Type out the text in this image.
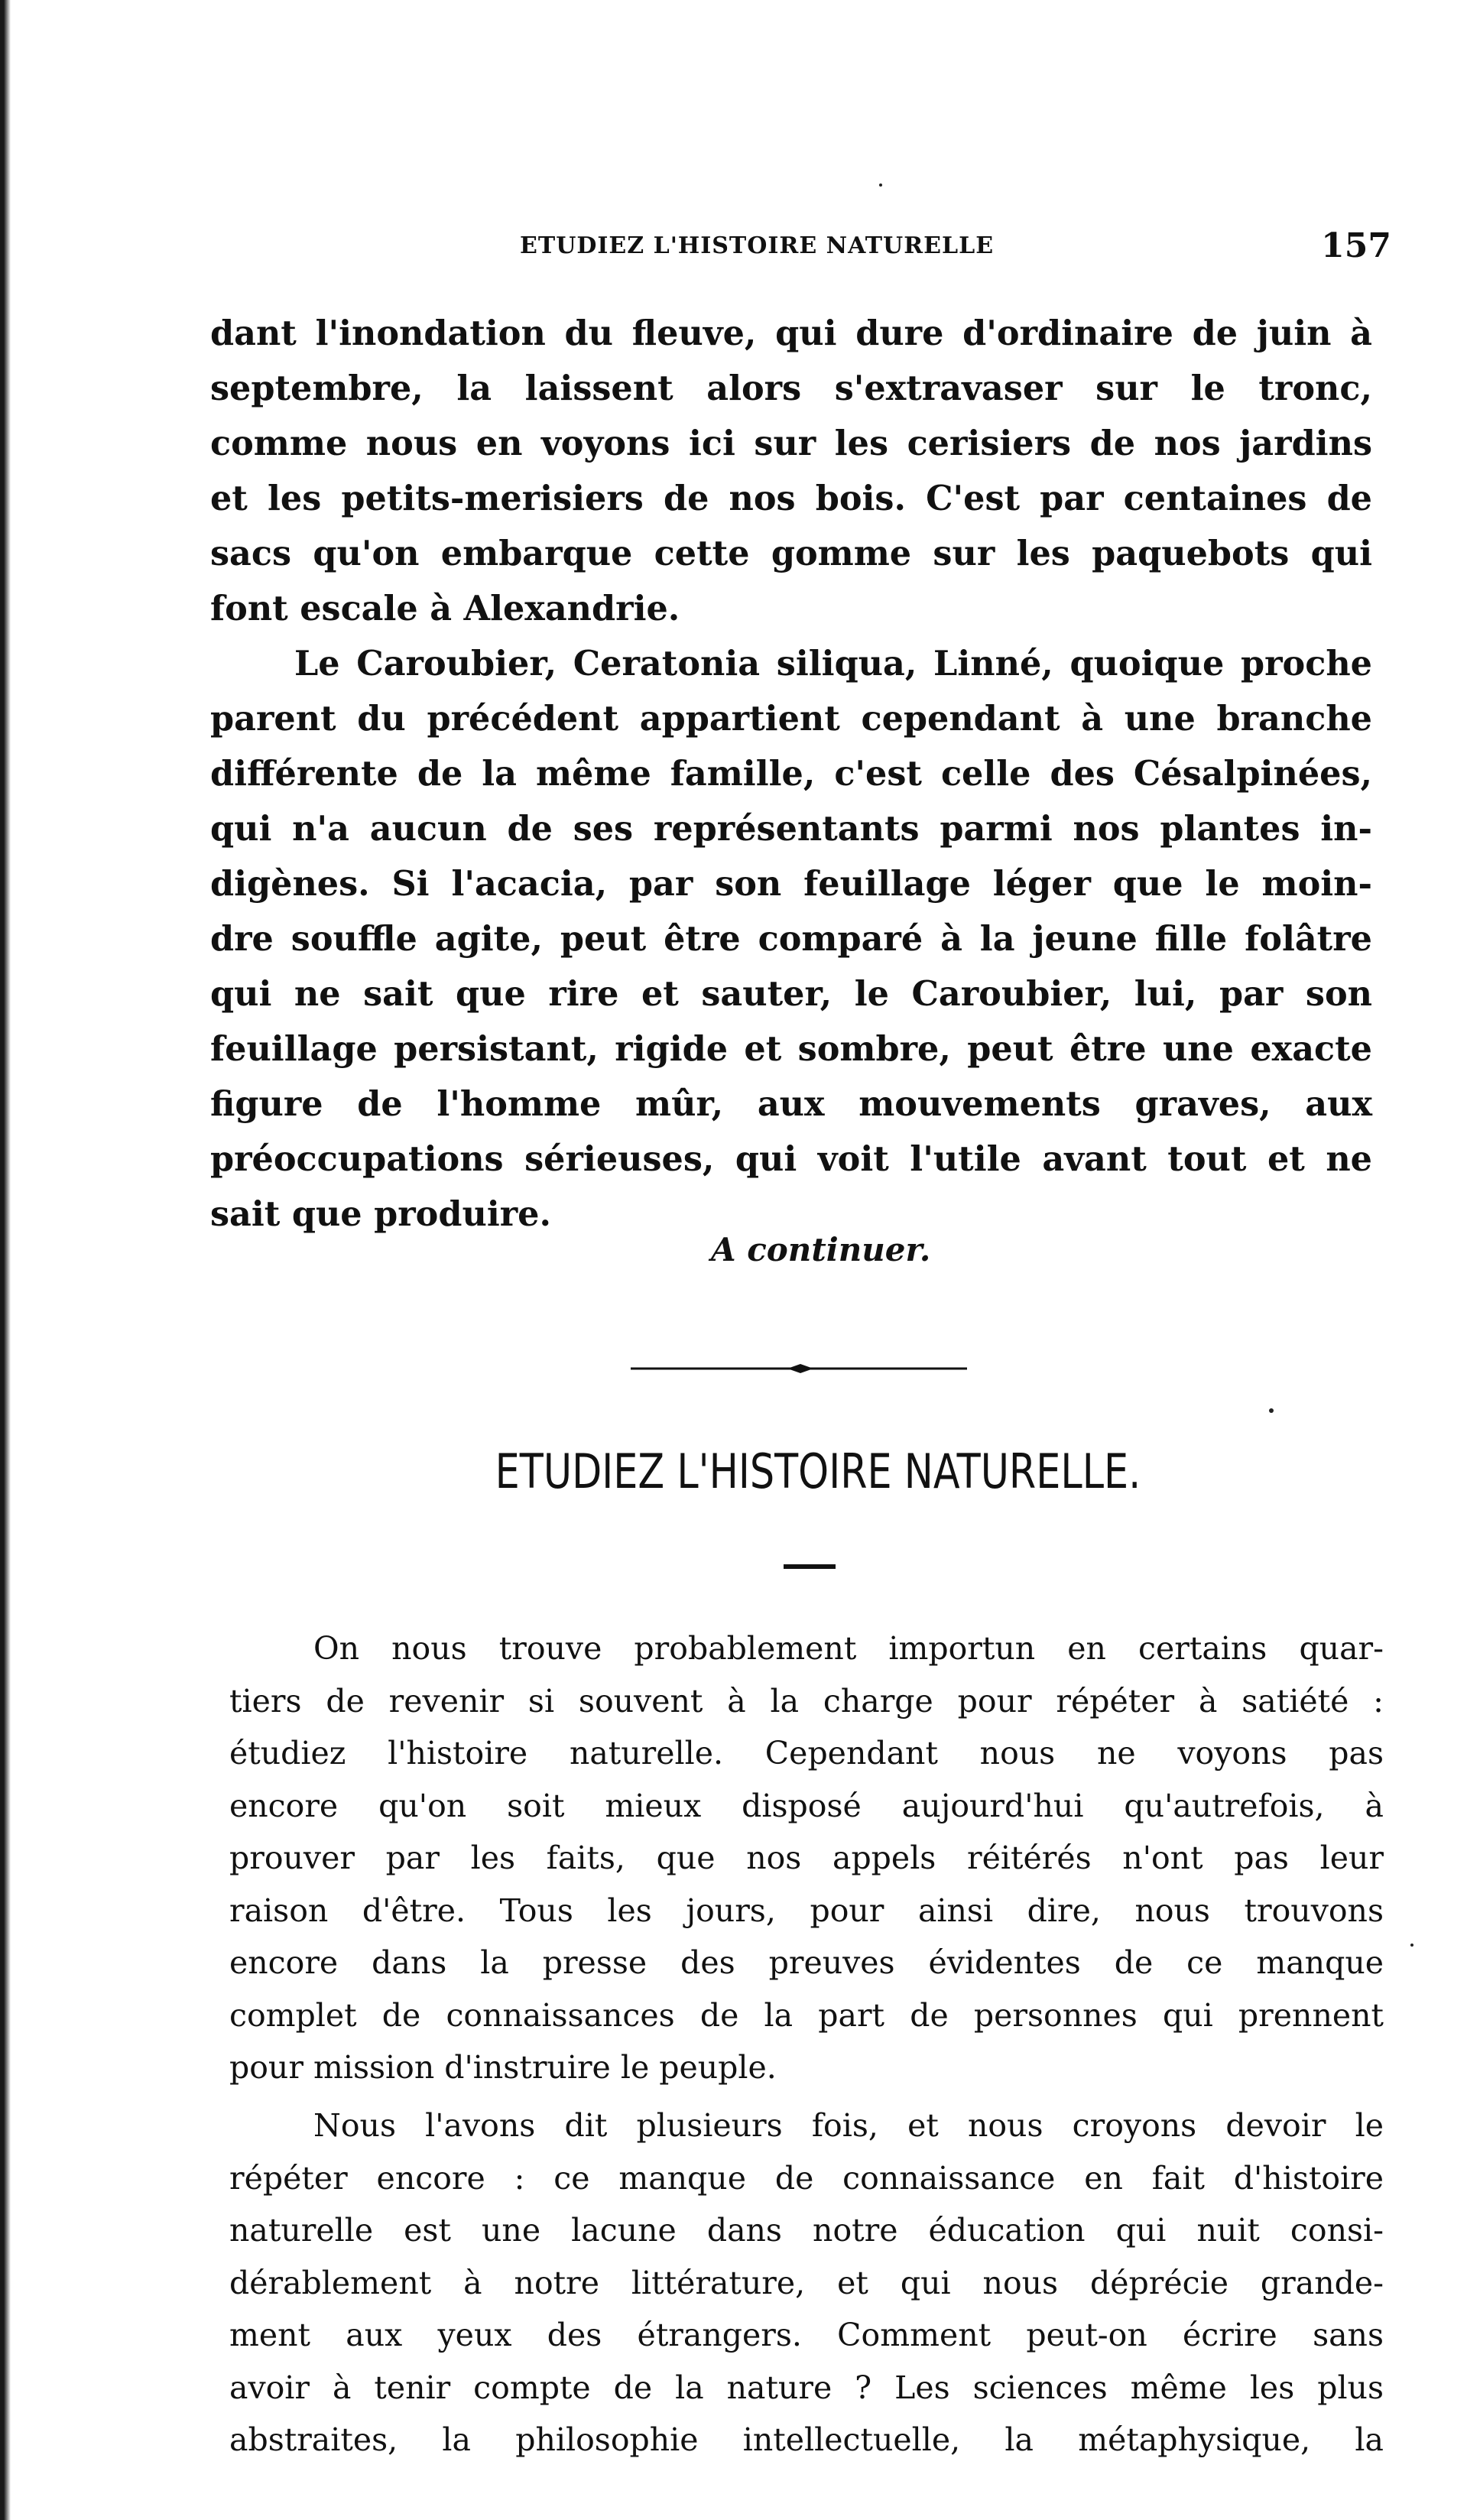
ETUDIEZ L'HISTOIRE NATURELLE	157
dant l'inondation du fleuve, qui dure d'ordinaire de juin à
septembre, la laissent alors s'extravaser sur le tronc,
comme nous en voyons ici sur les cerisiers de nos jardins
et les petits-merisiers de nos bois. C'est par centaines de
sacs qu'on embarque cette gomme sur les paquebots qui
font escale à Alexandrie.
Le Caroubier, Ceratonia siliqua, Linné, quoique proche
parent du précédent appartient cependant à une branche
différente de la même famille, c'est celle des Césalpinées,
qui n'a aucun de ses représentants parmi nos plantes in-
digènes. Si l'acacia, par son feuillage léger que le moin-
dre souffle agite, peut être comparé à la jeune fille folâtre
qui ne sait que rire et sauter, le Caroubier, lui, par son
feuillage persistant, rigide et sombre, peut être une exacte
figure de l'homme mûr, aux mouvements graves, aux
préoccupations sérieuses, qui voit l'utile avant tout et ne
sait que produire.
A continuer.
ETUDIEZ L'HISTOIRE NATURELLE.
On nous trouve probablement importun en certains quar-
tiers de revenir si souvent à la charge pour répéter à satiété :
étudiez l'histoire naturelle. Cependant nous ne voyons pas
encore qu'on soit mieux disposé aujourd'hui qu'autrefois, à
prouver par les faits, que nos appels réitérés n'ont pas leur
raison d'être. Tous les jours, pour ainsi dire, nous trouvons
encore dans la presse des preuves évidentes de ce manque
complet de connaissances de la part de personnes qui prennent
pour mission d'instruire le peuple.
Nous l'avons dit plusieurs fois, et nous croyons devoir le
répéter encore : ce manque de connaissance en fait d'histoire
naturelle est une lacune dans notre éducation qui nuit consi-
dérablement à notre littérature, et qui nous déprécie grande-
ment aux yeux des étrangers. Comment peut-on écrire sans
avoir à tenir compte de la nature ? Les sciences même les plus
abstraites, la philosophie intellectuelle, la métaphysique, la
